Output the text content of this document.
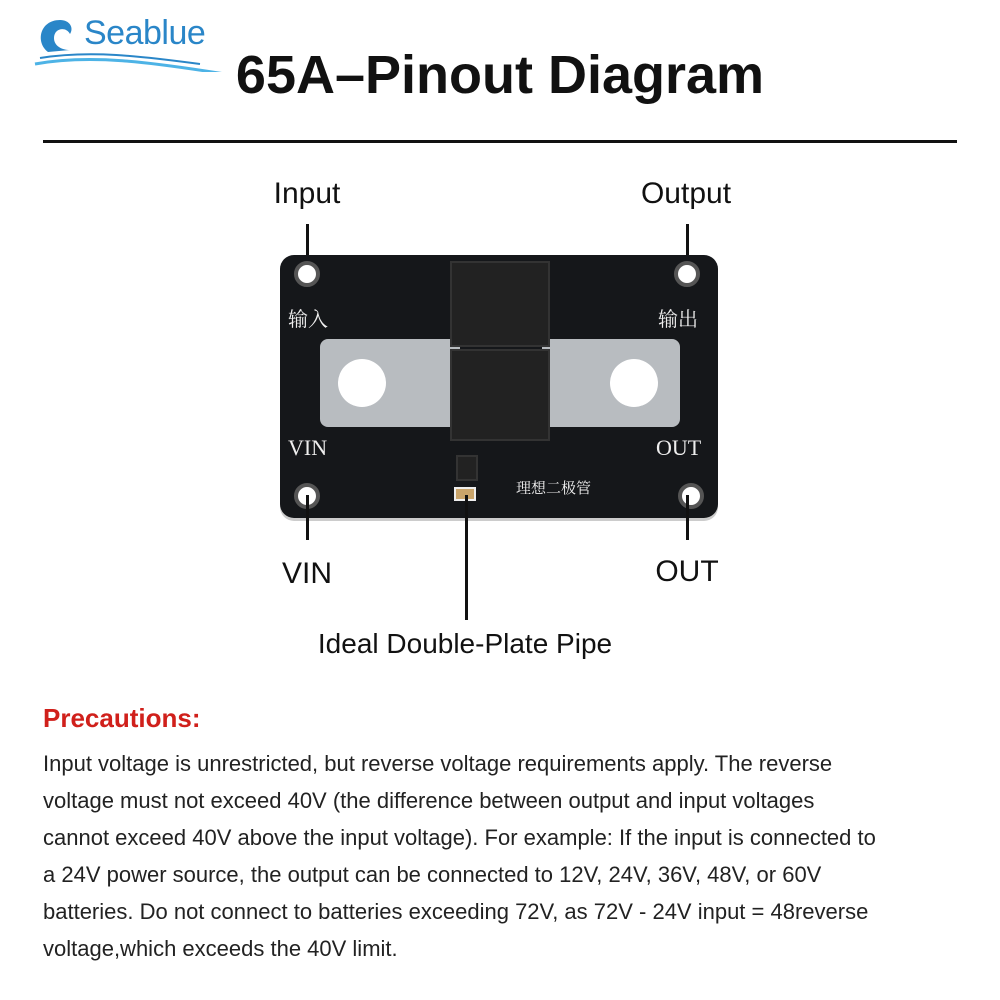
Seablue
65A–Pinout Diagram
Input	Output
输入	输出
VIN	OUT
理想二极管
VIN	OUT
Ideal Double-Plate Pipe
Precautions:
Input voltage is unrestricted, but reverse voltage requirements apply. The reverse
voltage must not exceed 40V (the difference between output and input voltages
cannot exceed 40V above the input voltage). For example: If the input is connected to
a 24V power source, the output can be connected to 12V, 24V, 36V, 48V, or 60V
batteries. Do not connect to batteries exceeding 72V, as 72V - 24V input = 48reverse
voltage,which exceeds the 40V limit.
